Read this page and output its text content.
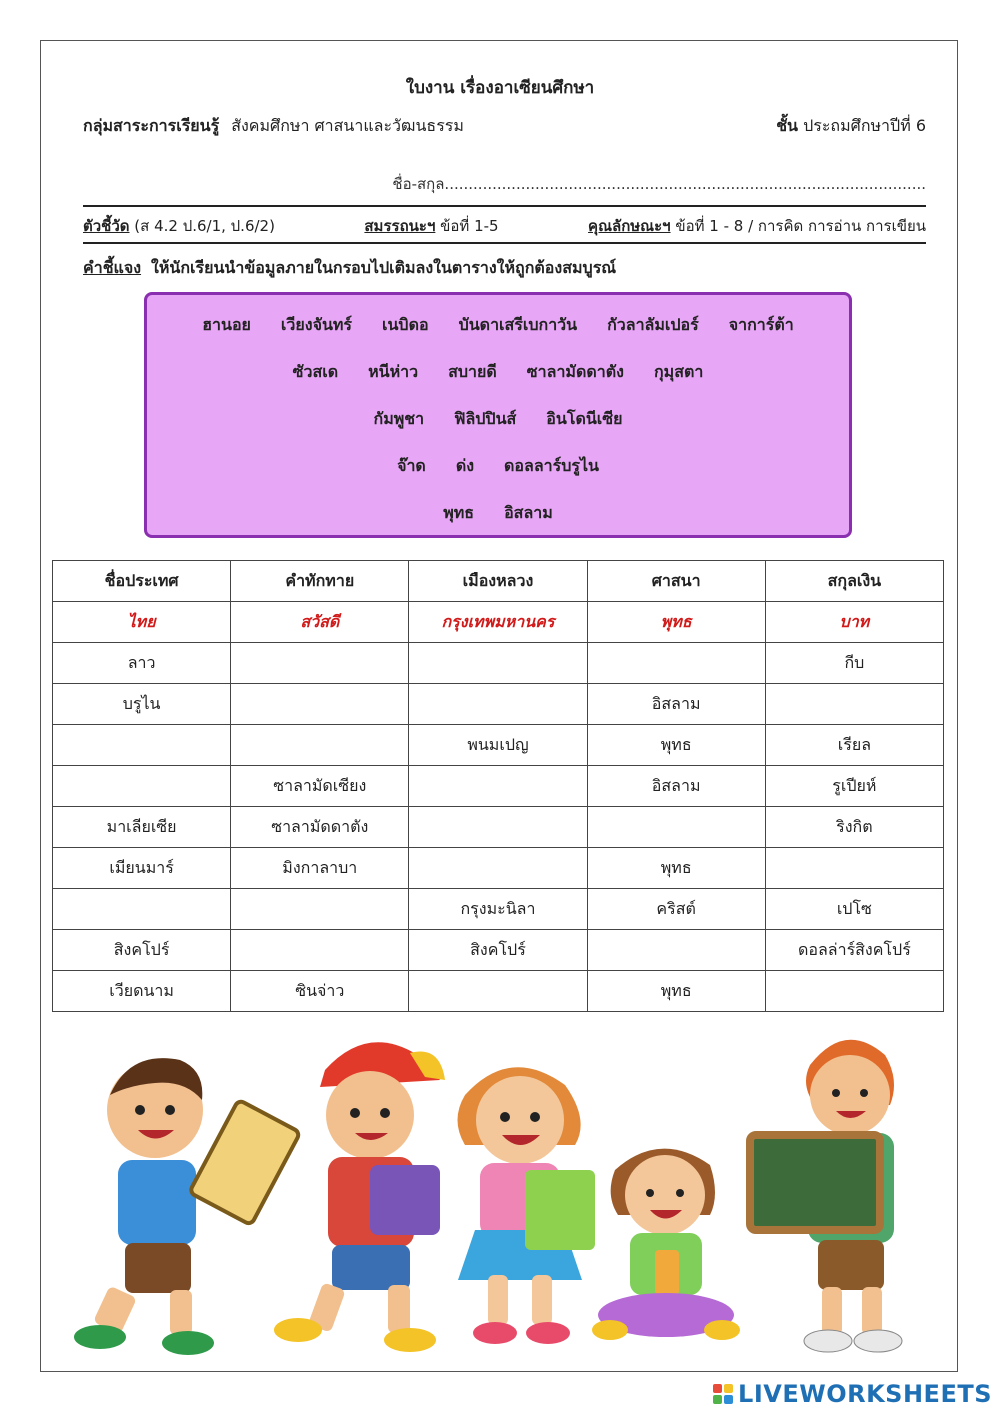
ใบงาน เรื่องอาเซียนศึกษา
กลุ่มสาระการเรียนรู้ สังคมศึกษา ศาสนาและวัฒนธรรม	ชั้น ประถมศึกษาปีที่ 6
ชื่อ-สกุล.....................................................................................................
ตัวชี้วัด (ส 4.2 ป.6/1, ป.6/2)	สมรรถนะฯ ข้อที่ 1-5	คุณลักษณะฯ ข้อที่ 1 - 8 / การคิด การอ่าน การเขียน
คำชี้แจง ให้นักเรียนนำข้อมูลภายในกรอบไปเติมลงในตารางให้ถูกต้องสมบูรณ์
ฮานอย เวียงจันทร์ เนบิดอ บันดาเสรีเบกาวัน กัวลาลัมเปอร์ จาการ์ต้า
ซัวสเด หนีห่าว สบายดี ซาลามัดดาตัง กุมุสตา
กัมพูชา ฟิลิปปินส์ อินโดนีเซีย
จ๊าด ด่ง ดอลลาร์บรูไน
พุทธ อิสลาม
ชื่อประเทศ	คำทักทาย	เมืองหลวง	ศาสนา	สกุลเงิน
ไทย	สวัสดี	กรุงเทพมหานคร	พุทธ	บาท
ลาว				กีบ
บรูไน			อิสลาม	
		พนมเปญ	พุทธ	เรียล
	ซาลามัดเซียง		อิสลาม	รูเปียห์
มาเลียเซีย	ซาลามัดดาตัง			ริงกิต
เมียนมาร์	มิงกาลาบา		พุทธ	
		กรุงมะนิลา	คริสต์	เปโซ
สิงคโปร์		สิงคโปร์		ดอลล่าร์สิงคโปร์
เวียดนาม	ซินจ่าว		พุทธ	
LIVEWORKSHEETS
